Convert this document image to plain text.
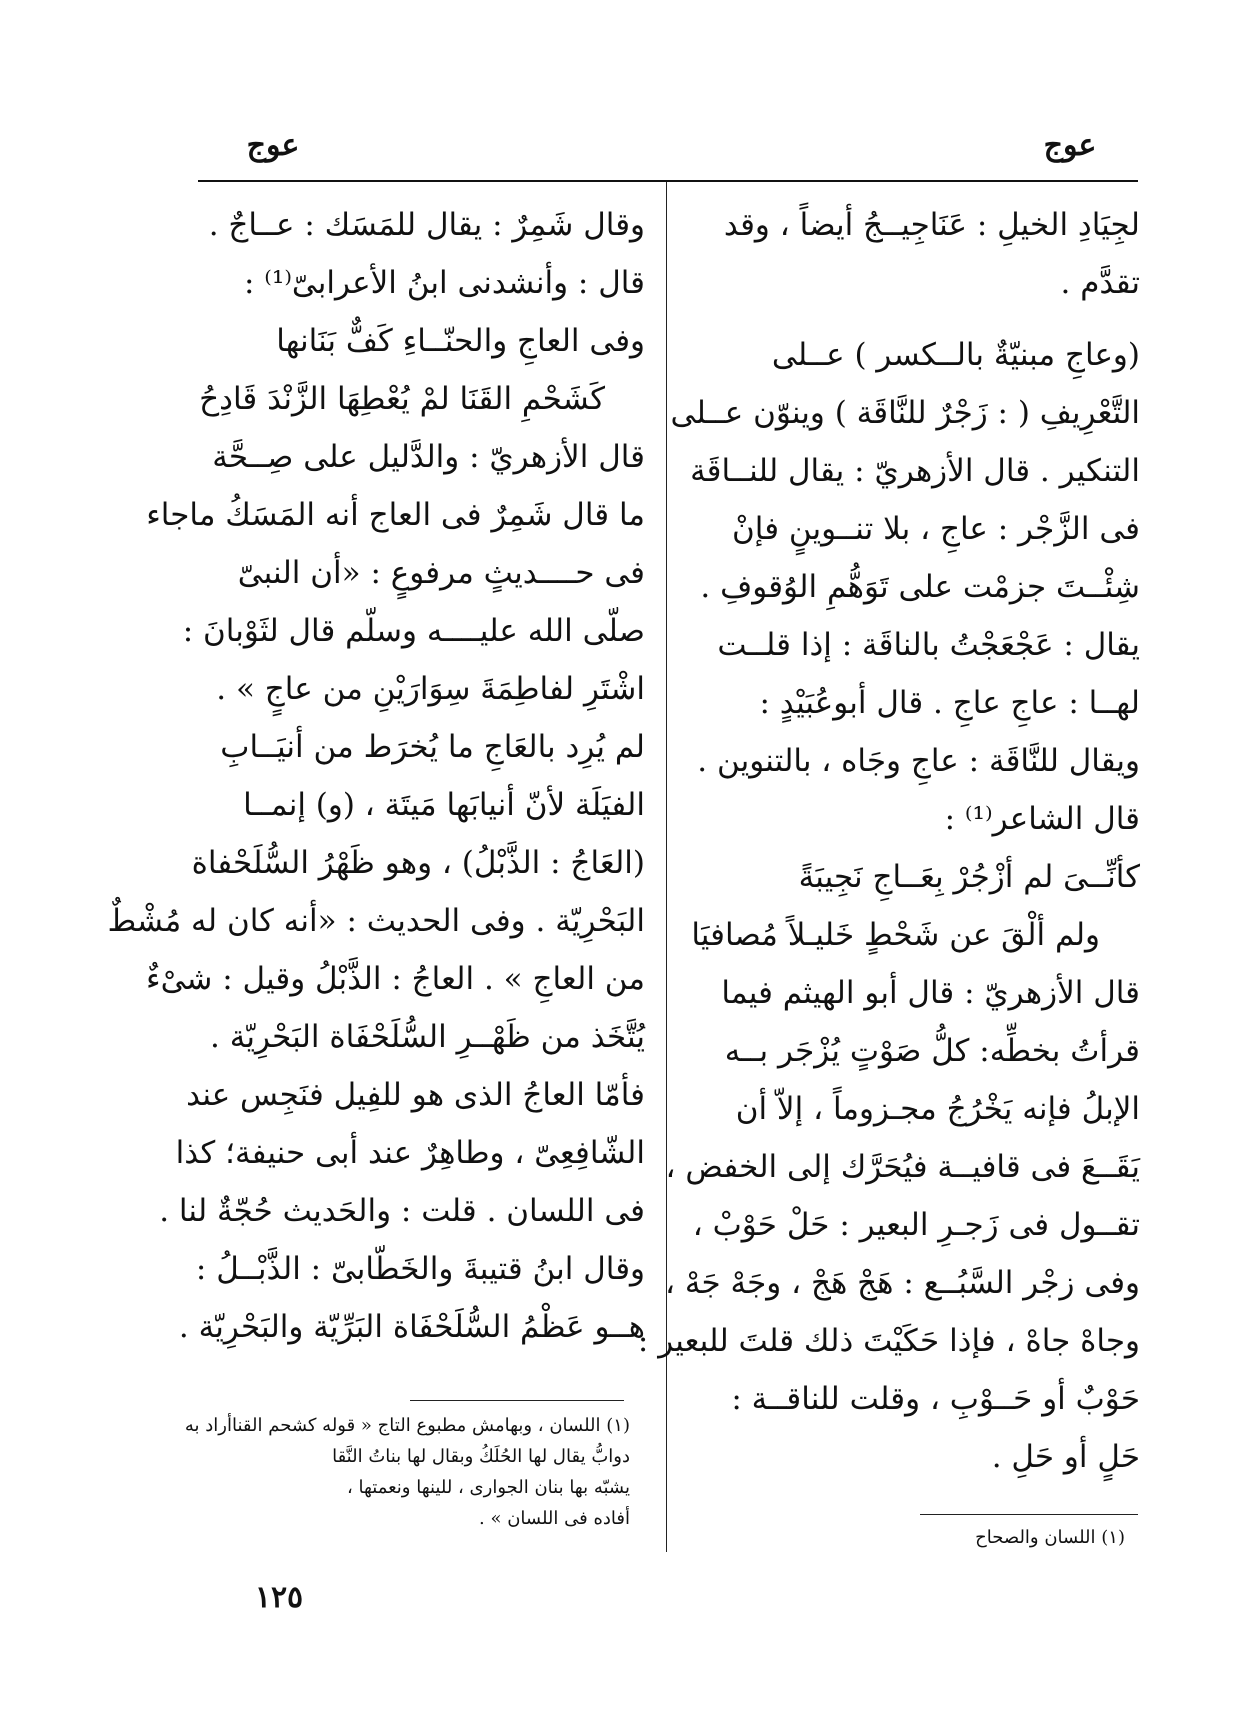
عوج
عوج
لجِيَادِ الخيلِ : عَنَاجِيــجُ أيضاً ، وقد
تقدَّم .
(وعاجِ مبنيّةٌ بالــكسر ) عــلى
التَّعْرِيفِ ( : زَجْرٌ للنَّاقَة ) وينوّن عــلى
التنكير . قال الأزهريّ : يقال للنــاقَة
فى الزَّجْر : عاجِ ، بلا تنــوينٍ فإنْ
شِئْــتَ جزمْت على تَوَهُّمِ الوُقوفِ .
يقال : عَجْعَجْتُ بالناقَة : إذا قلــت
لهــا : عاجِ عاجِ . قال أبوعُبَيْدٍ :
ويقال للنَّاقَة : عاجِ وجَاه ، بالتنوين .
قال الشاعر⁽¹⁾ :
كأنِّــىَ لم أزْجُرْ بِعَــاجِ نَجِيبَةً
ولم ألْقَ عن شَحْطٍ خَليـلاً مُصافيَا
قال الأزهريّ : قال أبو الهيثم فيما
قرأتُ بخطِّه: كلُّ صَوْتٍ يُزْجَر بــه
الإبلُ فإنه يَخْرُجُ مجـزوماً ، إلاّ أن
يَقَــعَ فى قافيــة فيُحَرَّك إلى الخفض ،
تقــول فى زَجـرِ البعير : حَلْ حَوْبْ ،
وفى زجْر السَّبُــع : هَجْ هَجْ ، وجَهْ جَهْ ،
وجاهْ جاهْ ، فإذا حَكَيْتَ ذلك قلتَ للبعير :
حَوْبٌ أو حَــوْبِ ، وقلت للناقــة :
حَلٍ أو حَلِ .
وقال شَمِرٌ : يقال للمَسَك : عــاجٌ .
قال : وأنشدنى ابنُ الأعرابىّ⁽¹⁾ :
وفى العاجِ والحنّــاءِ كَفٌّ بَنَانها
كَشَحْمِ القَنَا لمْ يُعْطِهَا الزَّنْدَ قَادِحُ
قال الأزهريّ : والدَّليل على صِــحَّة
ما قال شَمِرٌ فى العاج أنه المَسَكُ ماجاء
فى حــــديثٍ مرفوعٍ : «أن النبىّ
صلّى الله عليــــه وسلّم قال لثَوْبانَ :
اشْتَرِ لفاطِمَةَ سِوَارَيْنِ من عاجٍ » .
لم يُرِد بالعَاجِ ما يُخرَط من أنيَــابِ
الفيَلَة لأنّ أنيابَها مَيتَة ، (و) إنمــا
(العَاجُ : الذَّبْلُ) ، وهو ظَهْرُ السُّلَحْفاة
البَحْرِيّة . وفى الحديث : «أنه كان له مُشْطٌ
من العاجِ » . العاجُ : الذَّبْلُ وقيل : شىْءٌ
يُتَّخَذ من ظَهْــرِ السُّلَحْفَاة البَحْرِيّة .
فأمّا العاجُ الذى هو للفِيل فنَجِس عند
الشّافِعِىّ ، وطاهِرٌ عند أبى حنيفة؛ كذا
فى اللسان . قلت : والحَديث حُجّةٌ لنا .
وقال ابنُ قتيبةَ والخَطّابىّ : الذَّبْــلُ :
هــو عَظْمُ السُّلَحْفَاة البَرِّيّة والبَحْرِيّة .
(١) اللسان والصحاح
(١) اللسان ، وبهامش مطبوع التاج « قوله كشحم القناأراد به
دوابُّ يقال لها الحُلَكُ وبقال لها بناتُ النَّقا
يشبّه بها بنان الجوارى ، للينها ونعمتها ،
أفاده فى اللسان » .
١٢٥
